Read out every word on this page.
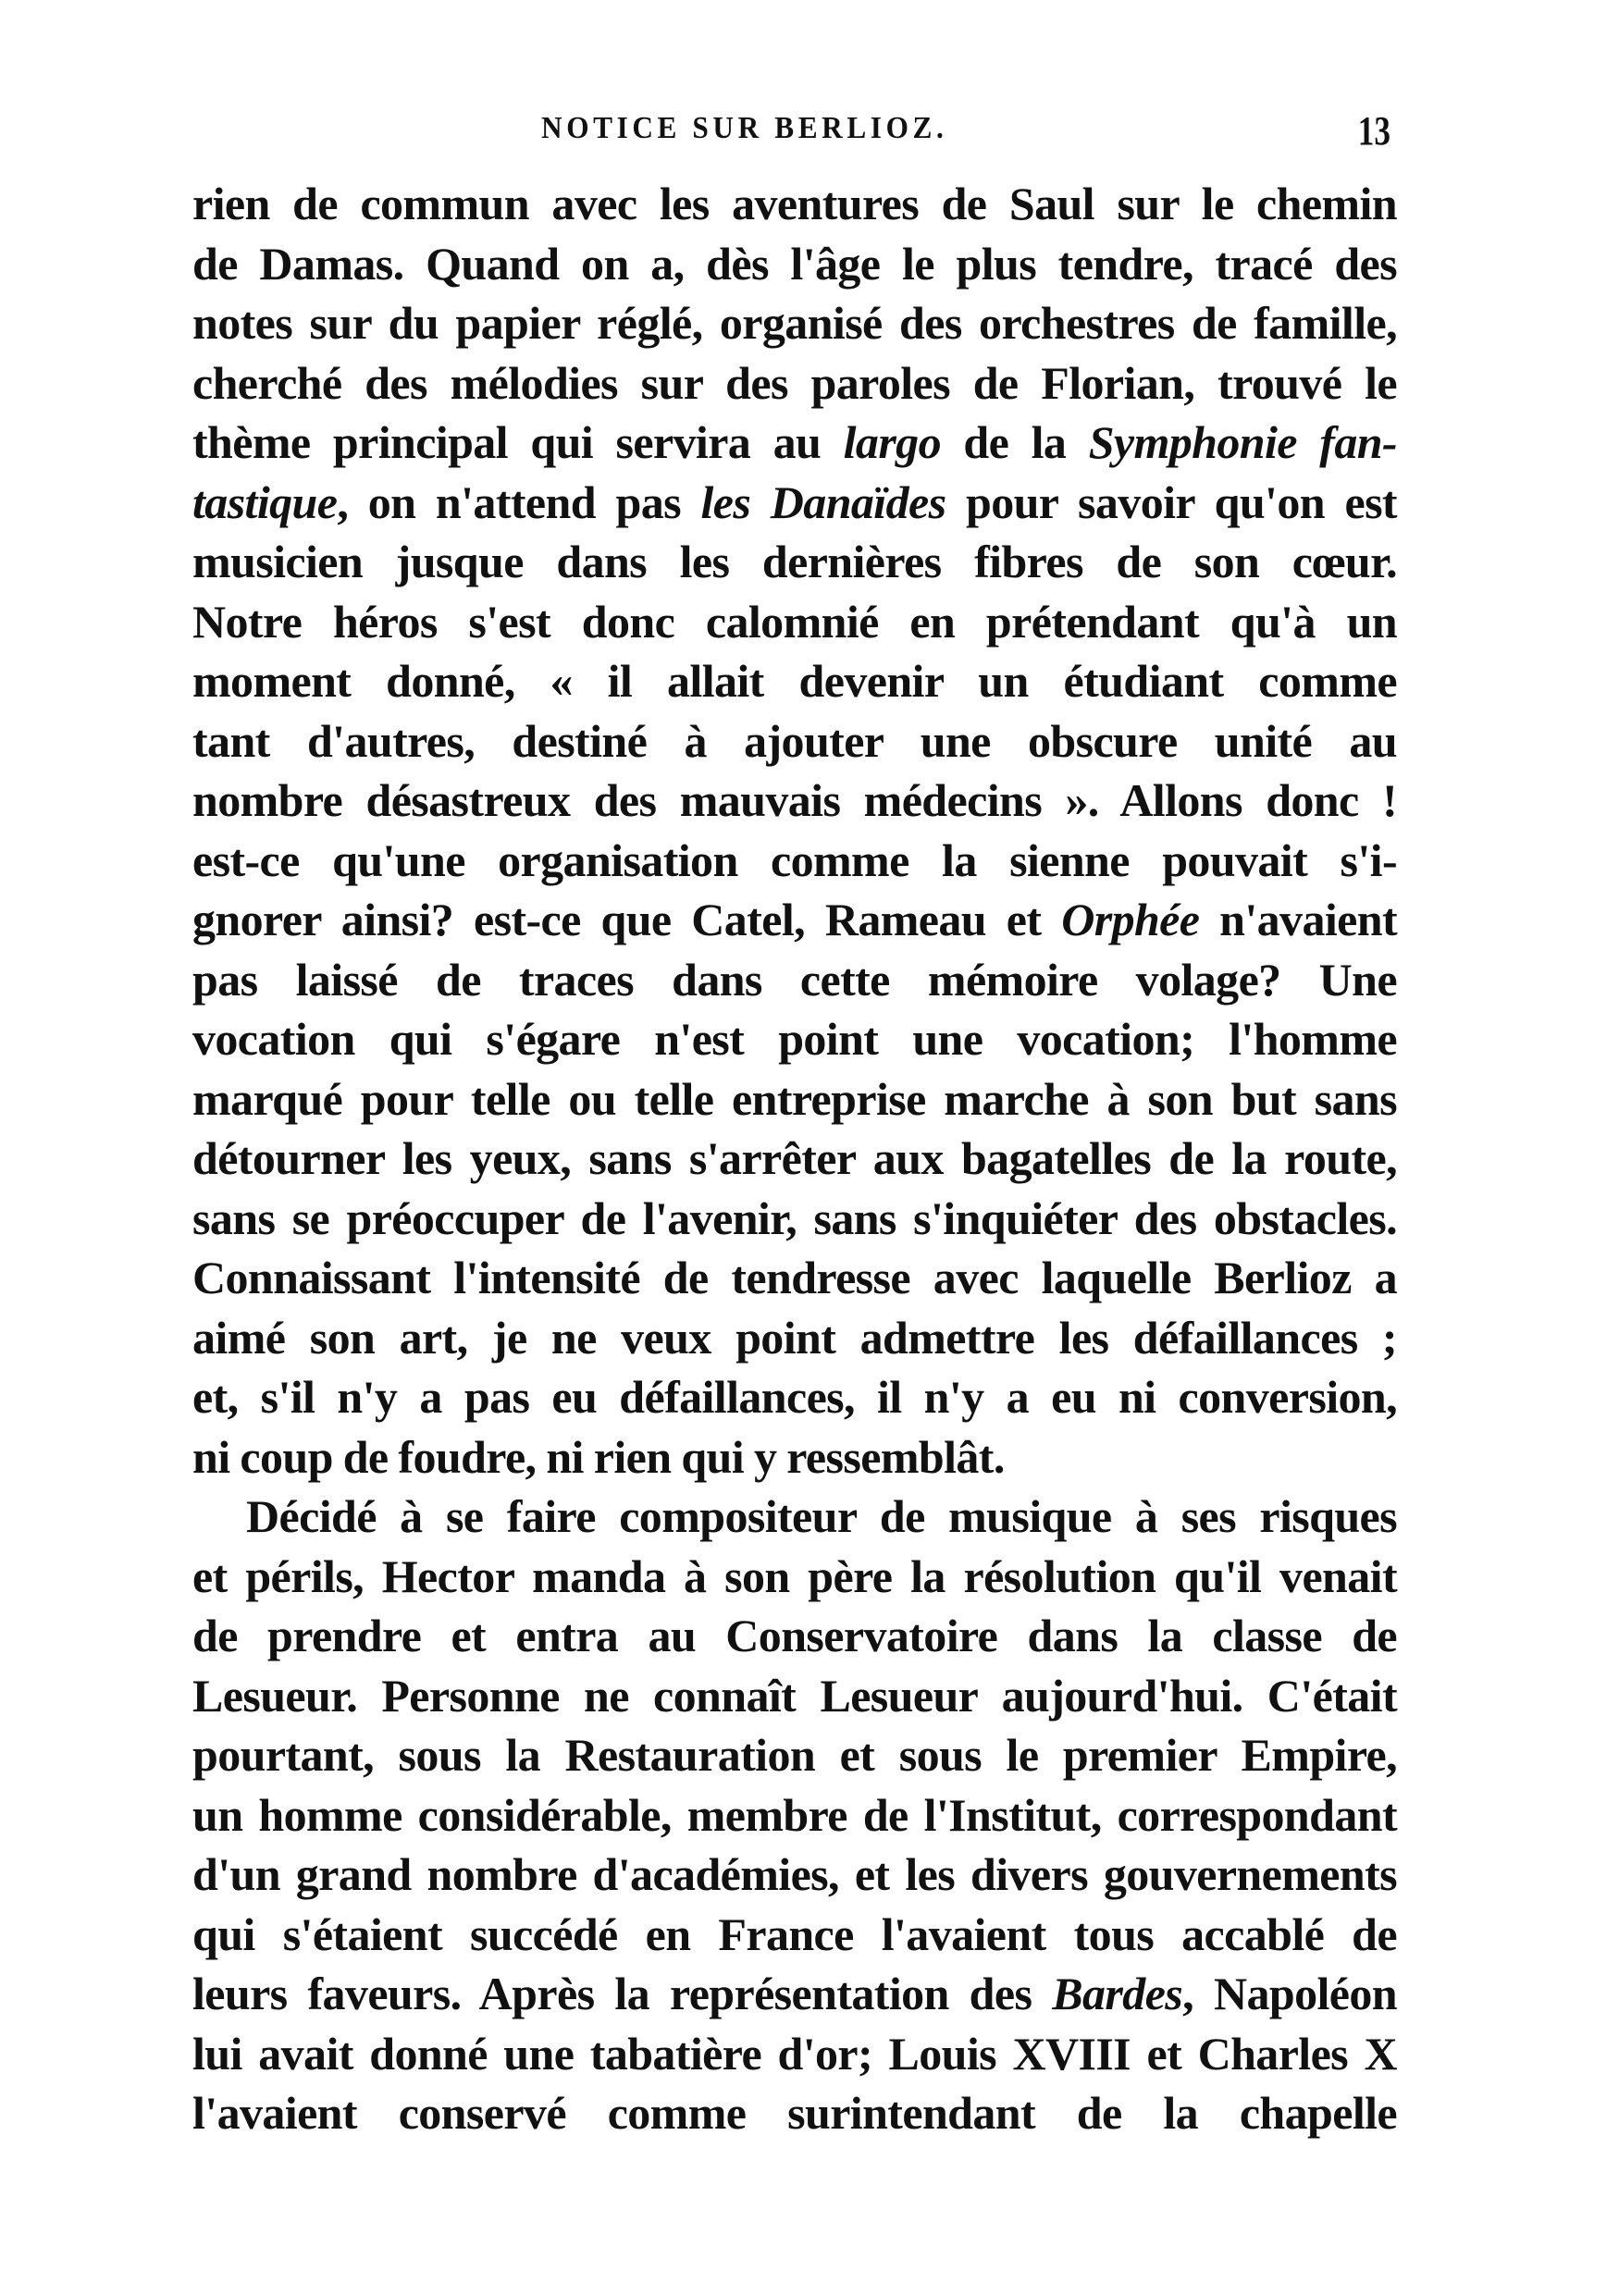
NOTICE SUR BERLIOZ.	13
rien de commun avec les aventures de Saul sur le chemin
de Damas. Quand on a, dès l'âge le plus tendre, tracé des
notes sur du papier réglé, organisé des orchestres de famille,
cherché des mélodies sur des paroles de Florian, trouvé le
thème principal qui servira au largo de la Symphonie fan-
tastique, on n'attend pas les Danaïdes pour savoir qu'on est
musicien jusque dans les dernières fibres de son cœur.
Notre héros s'est donc calomnié en prétendant qu'à un
moment donné, « il allait devenir un étudiant comme
tant d'autres, destiné à ajouter une obscure unité au
nombre désastreux des mauvais médecins ». Allons donc !
est-ce qu'une organisation comme la sienne pouvait s'i-
gnorer ainsi? est-ce que Catel, Rameau et Orphée n'avaient
pas laissé de traces dans cette mémoire volage? Une
vocation qui s'égare n'est point une vocation; l'homme
marqué pour telle ou telle entreprise marche à son but sans
détourner les yeux, sans s'arrêter aux bagatelles de la route,
sans se préoccuper de l'avenir, sans s'inquiéter des obstacles.
Connaissant l'intensité de tendresse avec laquelle Berlioz a
aimé son art, je ne veux point admettre les défaillances ;
et, s'il n'y a pas eu défaillances, il n'y a eu ni conversion,
ni coup de foudre, ni rien qui y ressemblât.
Décidé à se faire compositeur de musique à ses risques
et périls, Hector manda à son père la résolution qu'il venait
de prendre et entra au Conservatoire dans la classe de
Lesueur. Personne ne connaît Lesueur aujourd'hui. C'était
pourtant, sous la Restauration et sous le premier Empire,
un homme considérable, membre de l'Institut, correspondant
d'un grand nombre d'académies, et les divers gouvernements
qui s'étaient succédé en France l'avaient tous accablé de
leurs faveurs. Après la représentation des Bardes, Napoléon
lui avait donné une tabatière d'or; Louis XVIII et Charles X
l'avaient conservé comme surintendant de la chapelle
